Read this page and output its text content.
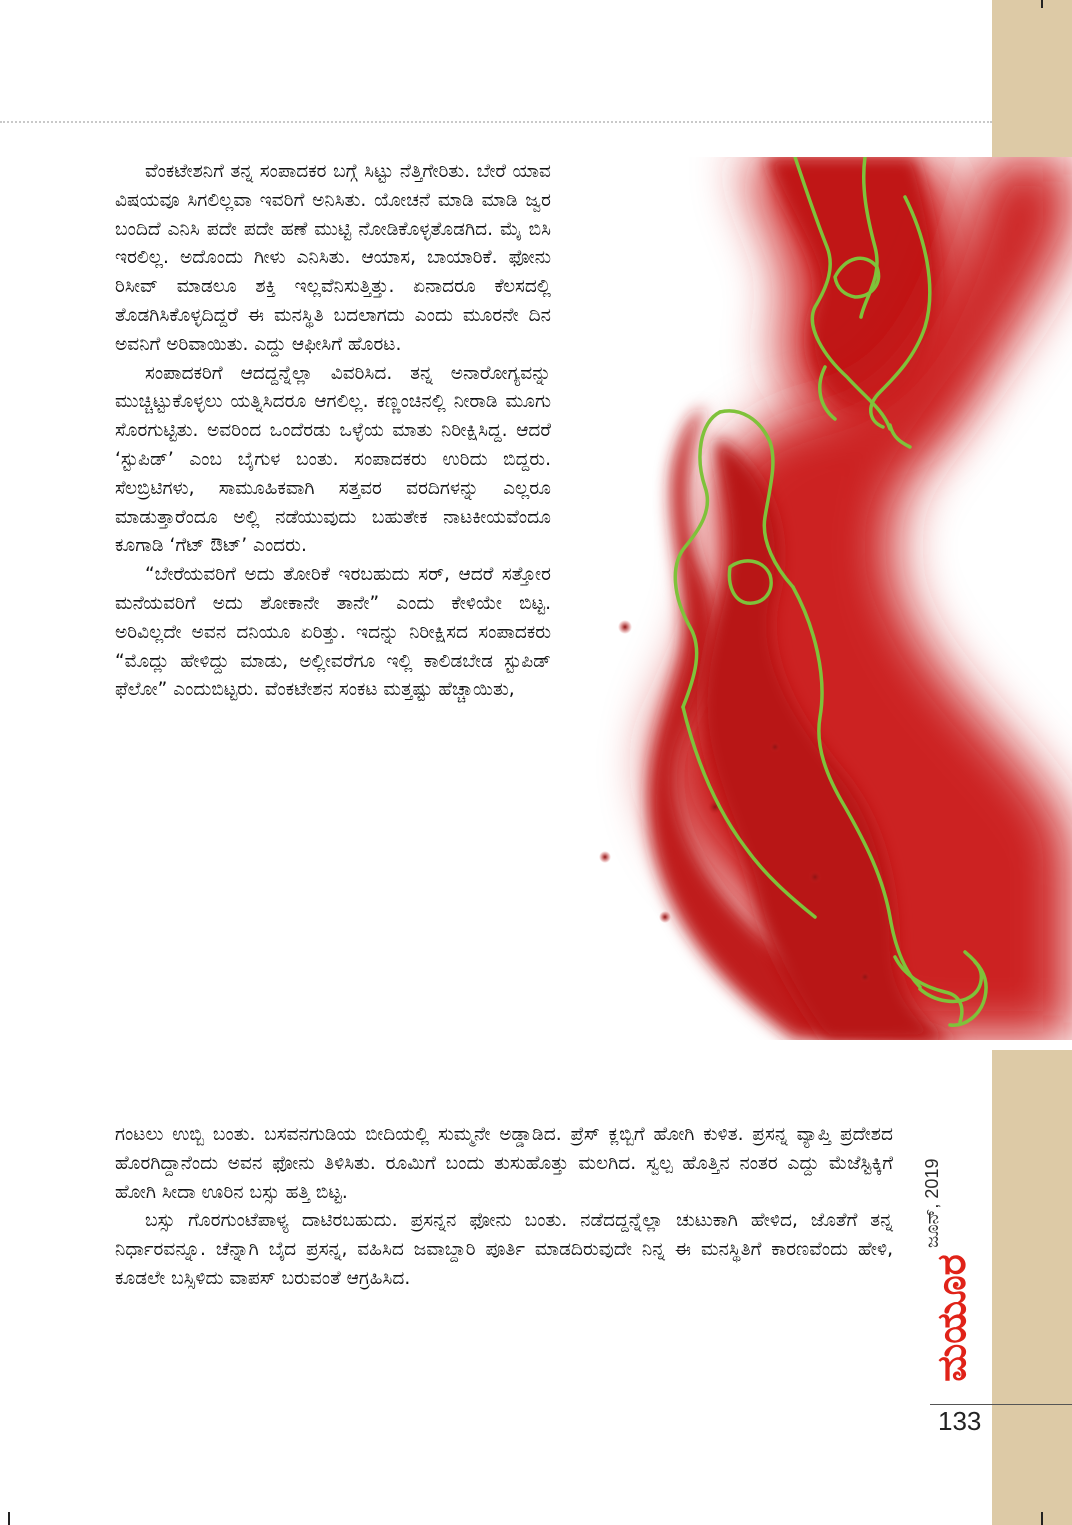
ವೆಂಕಟೇಶನಿಗೆ ತನ್ನ ಸಂಪಾದಕರ ಬಗ್ಗೆ ಸಿಟ್ಟು ನೆತ್ತಿಗೇರಿತು. ಬೇರೆ ಯಾವ ವಿಷಯವೂ ಸಿಗಲಿಲ್ಲವಾ ಇವರಿಗೆ ಅನಿಸಿತು. ಯೋಚನೆ ಮಾಡಿ ಮಾಡಿ ಜ್ವರ ಬಂದಿದೆ ಎನಿಸಿ ಪದೇ ಪದೇ ಹಣೆ ಮುಟ್ಟಿ ನೋಡಿಕೊಳ್ಳತೊಡಗಿದ. ಮೈ ಬಿಸಿ ಇರಲಿಲ್ಲ. ಅದೊಂದು ಗೀಳು ಎನಿಸಿತು. ಆಯಾಸ, ಬಾಯಾರಿಕೆ. ಫೋನು ರಿಸೀವ್ ಮಾಡಲೂ ಶಕ್ತಿ ಇಲ್ಲವೆನಿಸುತ್ತಿತ್ತು. ಏನಾದರೂ ಕೆಲಸದಲ್ಲಿ ತೊಡಗಿಸಿಕೊಳ್ಳದಿದ್ದರೆ ಈ ಮನಸ್ಥಿತಿ ಬದಲಾಗದು ಎಂದು ಮೂರನೇ ದಿನ ಅವನಿಗೆ ಅರಿವಾಯಿತು. ಎದ್ದು ಆಫೀಸಿಗೆ ಹೊರಟ.

ಸಂಪಾದಕರಿಗೆ ಆದದ್ದನ್ನೆಲ್ಲಾ ವಿವರಿಸಿದ. ತನ್ನ ಅನಾರೋಗ್ಯವನ್ನು ಮುಚ್ಚಿಟ್ಟುಕೊಳ್ಳಲು ಯತ್ನಿಸಿದರೂ ಆಗಲಿಲ್ಲ. ಕಣ್ಣಂಚಿನಲ್ಲಿ ನೀರಾಡಿ ಮೂಗು ಸೊರಗುಟ್ಟಿತು. ಅವರಿಂದ ಒಂದೆರಡು ಒಳ್ಳೆಯ ಮಾತು ನಿರೀಕ್ಷಿಸಿದ್ದ. ಆದರೆ ‘ಸ್ಟುಪಿಡ್’ ಎಂಬ ಬೈಗುಳ ಬಂತು. ಸಂಪಾದಕರು ಉರಿದು ಬಿದ್ದರು. ಸೆಲಬ್ರಿಟಿಗಳು, ಸಾಮೂಹಿಕವಾಗಿ ಸತ್ತವರ ವರದಿಗಳನ್ನು ಎಲ್ಲರೂ ಮಾಡುತ್ತಾರೆಂದೂ ಅಲ್ಲಿ ನಡೆಯುವುದು ಬಹುತೇಕ ನಾಟಕೀಯವೆಂದೂ ಕೂಗಾಡಿ ‘ಗೆಟ್ ಔಟ್’ ಎಂದರು.

“ಬೇರೆಯವರಿಗೆ ಅದು ತೋರಿಕೆ ಇರಬಹುದು ಸರ್, ಆದರೆ ಸತ್ತೋರ ಮನೆಯವರಿಗೆ ಅದು ಶೋಕಾನೇ ತಾನೇ” ಎಂದು ಕೇಳಿಯೇ ಬಿಟ್ಟ. ಅರಿವಿಲ್ಲದೇ ಅವನ ದನಿಯೂ ಏರಿತ್ತು. ಇದನ್ನು ನಿರೀಕ್ಷಿಸದ ಸಂಪಾದಕರು “ಮೊದ್ಲು ಹೇಳಿದ್ದು ಮಾಡು, ಅಲ್ಲೀವರೆಗೂ ಇಲ್ಲಿ ಕಾಲಿಡಬೇಡ ಸ್ಟುಪಿಡ್ ಫೆಲೋ” ಎಂದುಬಿಟ್ಟರು. ವೆಂಕಟೇಶನ ಸಂಕಟ ಮತ್ತಷ್ಟು ಹೆಚ್ಚಾಯಿತು,

ಗಂಟಲು ಉಬ್ಬಿ ಬಂತು. ಬಸವನಗುಡಿಯ ಬೀದಿಯಲ್ಲಿ ಸುಮ್ಮನೇ ಅಡ್ಡಾಡಿದ. ಪ್ರೆಸ್ ಕ್ಲಬ್ಬಿಗೆ ಹೋಗಿ ಕುಳಿತ. ಪ್ರಸನ್ನ ವ್ಯಾಪ್ತಿ ಪ್ರದೇಶದ ಹೊರಗಿದ್ದಾನೆಂದು ಅವನ ಫೋನು ತಿಳಿಸಿತು. ರೂಮಿಗೆ ಬಂದು ತುಸುಹೊತ್ತು ಮಲಗಿದ. ಸ್ವಲ್ಪ ಹೊತ್ತಿನ ನಂತರ ಎದ್ದು ಮೆಜೆಸ್ಟಿಕ್ಕಿಗೆ ಹೋಗಿ ಸೀದಾ ಊರಿನ ಬಸ್ಸು ಹತ್ತಿ ಬಿಟ್ಟ.

ಬಸ್ಸು ಗೊರಗುಂಟೆಪಾಳ್ಯ ದಾಟಿರಬಹುದು. ಪ್ರಸನ್ನನ ಫೋನು ಬಂತು. ನಡೆದದ್ದನ್ನೆಲ್ಲಾ ಚುಟುಕಾಗಿ ಹೇಳಿದ, ಜೊತೆಗೆ ತನ್ನ ನಿರ್ಧಾರವನ್ನೂ. ಚೆನ್ನಾಗಿ ಬೈದ ಪ್ರಸನ್ನ, ವಹಿಸಿದ ಜವಾಬ್ದಾರಿ ಪೂರ್ತಿ ಮಾಡದಿರುವುದೇ ನಿನ್ನ ಈ ಮನಸ್ಥಿತಿಗೆ ಕಾರಣವೆಂದು ಹೇಳಿ, ಕೂಡಲೇ ಬಸ್ಸಿಳಿದು ವಾಪಸ್ ಬರುವಂತೆ ಆಗ್ರಹಿಸಿದ.

ಜೂನ್, 2019
ಮಯೂರ
133
